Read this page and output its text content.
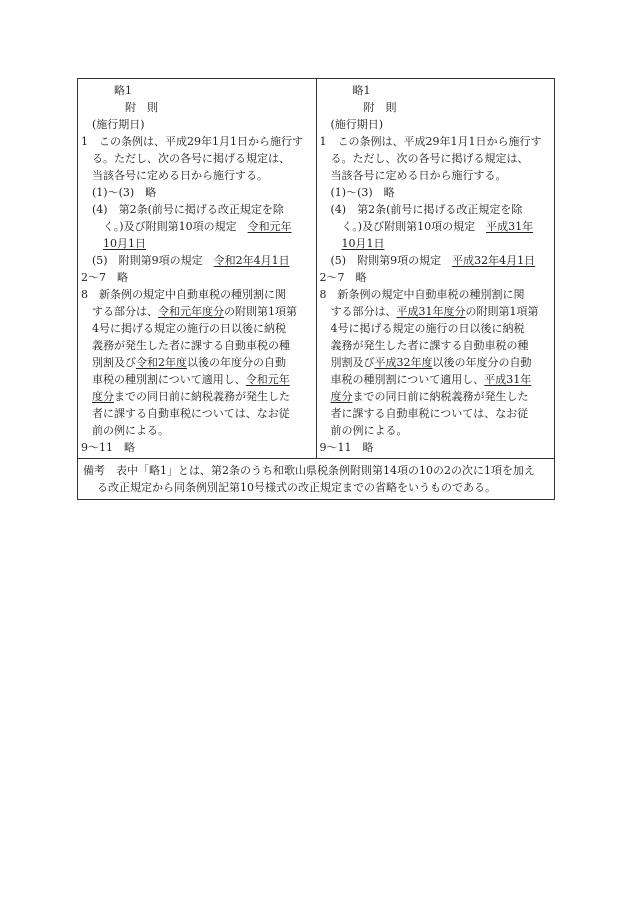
略1
附　則
(施行期日)
1　この条例は、平成29年1月1日から施行す
る。ただし、次の各号に掲げる規定は、
当該各号に定める日から施行する。
(1)～(3)　略
(4)　第2条(前号に掲げる改正規定を除
く。)及び附則第10項の規定　令和元年
10月1日
(5)　附則第9項の規定　令和2年4月1日
2～7　略
8　新条例の規定中自動車税の種別割に関
する部分は、令和元年度分の附則第1項第
4号に掲げる規定の施行の日以後に納税
義務が発生した者に課する自動車税の種
別割及び令和2年度以後の年度分の自動
車税の種別割について適用し、令和元年
度分までの同日前に納税義務が発生した
者に課する自動車税については、なお従
前の例による。
9～11　略

略1
附　則
(施行期日)
1　この条例は、平成29年1月1日から施行す
る。ただし、次の各号に掲げる規定は、
当該各号に定める日から施行する。
(1)～(3)　略
(4)　第2条(前号に掲げる改正規定を除
く。)及び附則第10項の規定　平成31年
10月1日
(5)　附則第9項の規定　平成32年4月1日
2～7　略
8　新条例の規定中自動車税の種別割に関
する部分は、平成31年度分の附則第1項第
4号に掲げる規定の施行の日以後に納税
義務が発生した者に課する自動車税の種
別割及び平成32年度以後の年度分の自動
車税の種別割について適用し、平成31年
度分までの同日前に納税義務が発生した
者に課する自動車税については、なお従
前の例による。
9～11　略

備考　表中「略1」とは、第2条のうち和歌山県税条例附則第14項の10の2の次に1項を加え
る改正規定から同条例別記第10号様式の改正規定までの省略をいうものである。
